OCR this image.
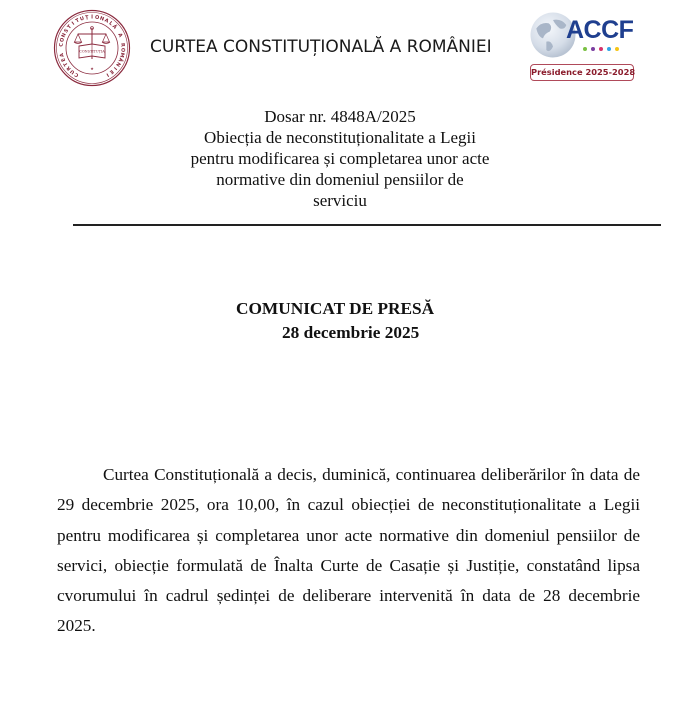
C
U
R
T
E
A
C
O
N
S
T
I
T
U Ț I O N
A
L
Ă
A
R
O
M
Â
N
I
E
I
CONSTITUȚIA
★
CURTEA CONSTITUȚIONALĂ A ROMÂNIEI
ACCF
Présidence 2025-2028
Dosar nr. 4848A/2025
Obiecția de neconstituționalitate a Legii
pentru modificarea și completarea unor acte
normative din domeniul pensiilor de
serviciu
COMUNICAT DE PRESĂ
28 decembrie 2025

Curtea Constituțională a decis, duminică, continuarea deliberărilor în data de 29 decembrie 2025, ora 10,00, în cazul obiecției de neconstituționalitate a Legii pentru modificarea și completarea unor acte normative din domeniul pensiilor de servici, obiecție formulată de Înalta Curte de Casație și Justiție, constatând lipsa cvorumului în cadrul ședinței de deliberare intervenită în data de 28 decembrie 2025.
